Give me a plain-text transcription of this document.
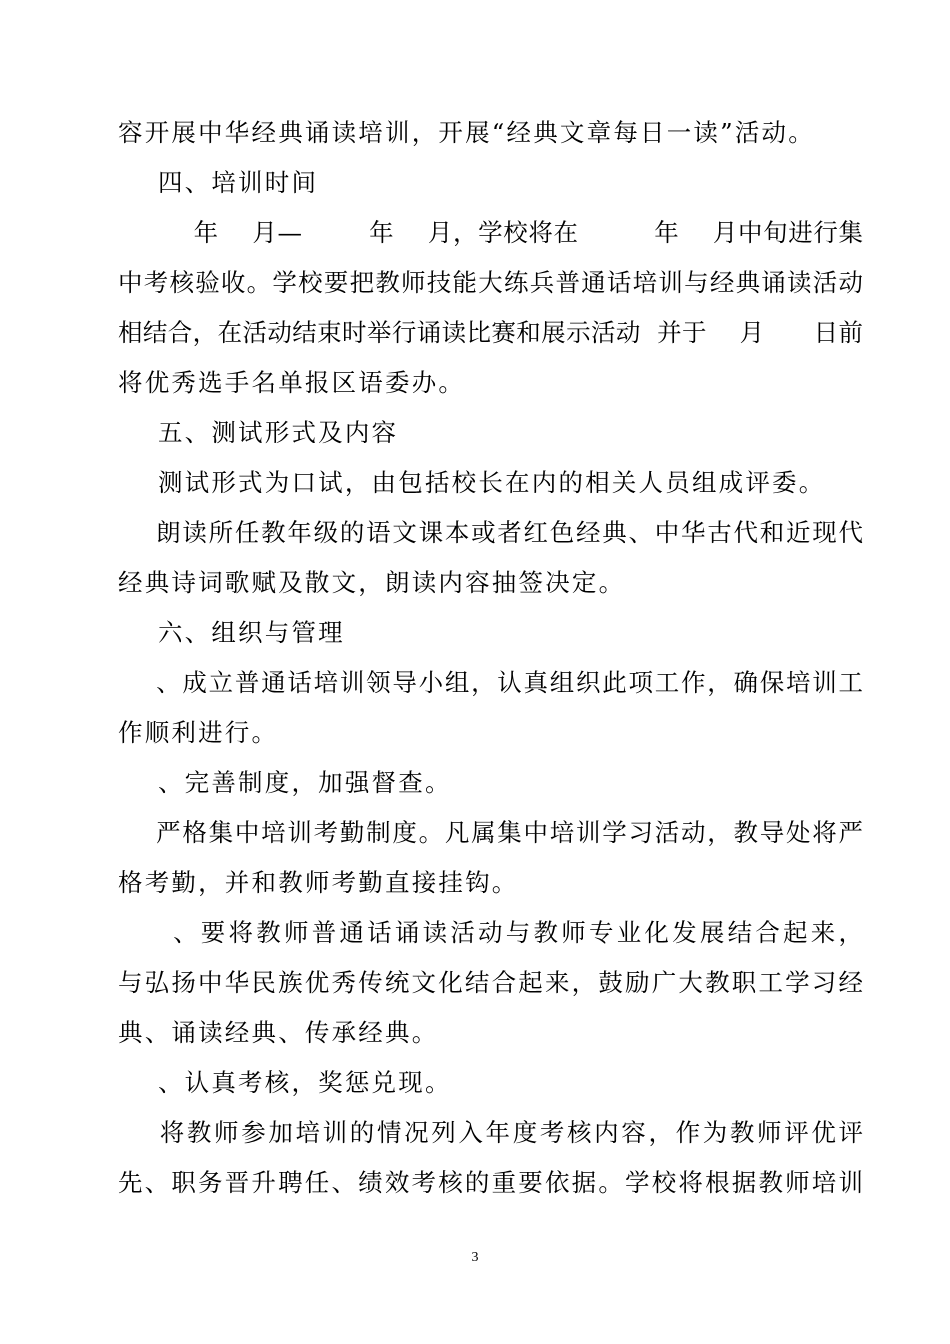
容开展中华经典诵读培训，开展“经典文章每日一读”活动。
四、培训时间
年    月—        年    月，学校将在         年    月中旬进行集
中考核验收。学校要把教师技能大练兵普通话培训与经典诵读活动
相结合，在活动结束时举行诵读比赛和展示活动  并于    月      日前
将优秀选手名单报区语委办。
五、测试形式及内容
测试形式为口试，由包括校长在内的相关人员组成评委。
朗读所任教年级的语文课本或者红色经典、中华古代和近现代
经典诗词歌赋及散文，朗读内容抽签决定。
六、组织与管理
、成立普通话培训领导小组，认真组织此项工作，确保培训工
作顺利进行。
、完善制度，加强督查。
严格集中培训考勤制度。凡属集中培训学习活动，教导处将严
格考勤，并和教师考勤直接挂钩。
、要将教师普通话诵读活动与教师专业化发展结合起来，
与弘扬中华民族优秀传统文化结合起来，鼓励广大教职工学习经
典、诵读经典、传承经典。
、认真考核，奖惩兑现。
将教师参加培训的情况列入年度考核内容，作为教师评优评
先、职务晋升聘任、绩效考核的重要依据。学校将根据教师培训
3
